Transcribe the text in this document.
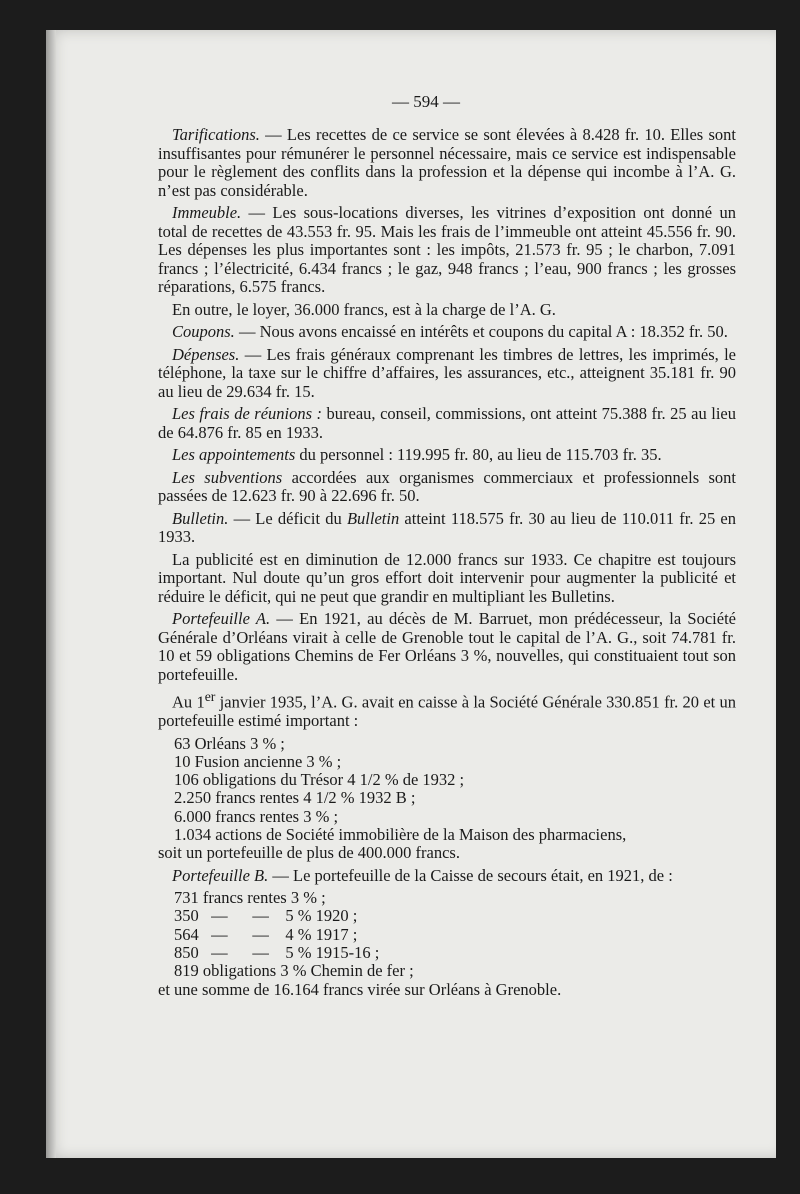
— 594 —

Tarifications. — Les recettes de ce service se sont élevées à 8.428 fr. 10. Elles sont insuffisantes pour rémunérer le personnel nécessaire, mais ce service est indispensable pour le règlement des conflits dans la profession et la dépense qui incombe à l’A. G. n’est pas considérable.

Immeuble. — Les sous-locations diverses, les vitrines d’exposition ont donné un total de recettes de 43.553 fr. 95. Mais les frais de l’immeuble ont atteint 45.556 fr. 90. Les dépenses les plus importantes sont : les impôts, 21.573 fr. 95 ; le charbon, 7.091 francs ; l’électricité, 6.434 francs ; le gaz, 948 francs ; l’eau, 900 francs ; les grosses réparations, 6.575 francs.

En outre, le loyer, 36.000 francs, est à la charge de l’A. G.

Coupons. — Nous avons encaissé en intérêts et coupons du capital A : 18.352 fr. 50.

Dépenses. — Les frais généraux comprenant les timbres de lettres, les imprimés, le téléphone, la taxe sur le chiffre d’affaires, les assurances, etc., atteignent 35.181 fr. 90 au lieu de 29.634 fr. 15.

Les frais de réunions : bureau, conseil, commissions, ont atteint 75.388 fr. 25 au lieu de 64.876 fr. 85 en 1933.

Les appointements du personnel : 119.995 fr. 80, au lieu de 115.703 fr. 35.

Les subventions accordées aux organismes commerciaux et professionnels sont passées de 12.623 fr. 90 à 22.696 fr. 50.

Bulletin. — Le déficit du Bulletin atteint 118.575 fr. 30 au lieu de 110.011 fr. 25 en 1933.

La publicité est en diminution de 12.000 francs sur 1933. Ce chapitre est toujours important. Nul doute qu’un gros effort doit intervenir pour augmenter la publicité et réduire le déficit, qui ne peut que grandir en multipliant les Bulletins.

Portefeuille A. — En 1921, au décès de M. Barruet, mon prédécesseur, la Société Générale d’Orléans virait à celle de Grenoble tout le capital de l’A. G., soit 74.781 fr. 10 et 59 obligations Chemins de Fer Orléans 3 %, nouvelles, qui constituaient tout son portefeuille.

Au 1er janvier 1935, l’A. G. avait en caisse à la Société Générale 330.851 fr. 20 et un portefeuille estimé important :

63 Orléans 3 % ;
10 Fusion ancienne 3 % ;
106 obligations du Trésor 4 1/2 % de 1932 ;
2.250 francs rentes 4 1/2 % 1932 B ;
6.000 francs rentes 3 % ;
1.034 actions de Société immobilière de la Maison des pharmaciens,
soit un portefeuille de plus de 400.000 francs.

Portefeuille B. — Le portefeuille de la Caisse de secours était, en 1921, de :

731 francs rentes 3 % ;
350   —      —    5 % 1920 ;
564   —      —    4 % 1917 ;
850   —      —    5 % 1915-16 ;
819 obligations 3 % Chemin de fer ;

et une somme de 16.164 francs virée sur Orléans à Grenoble.
